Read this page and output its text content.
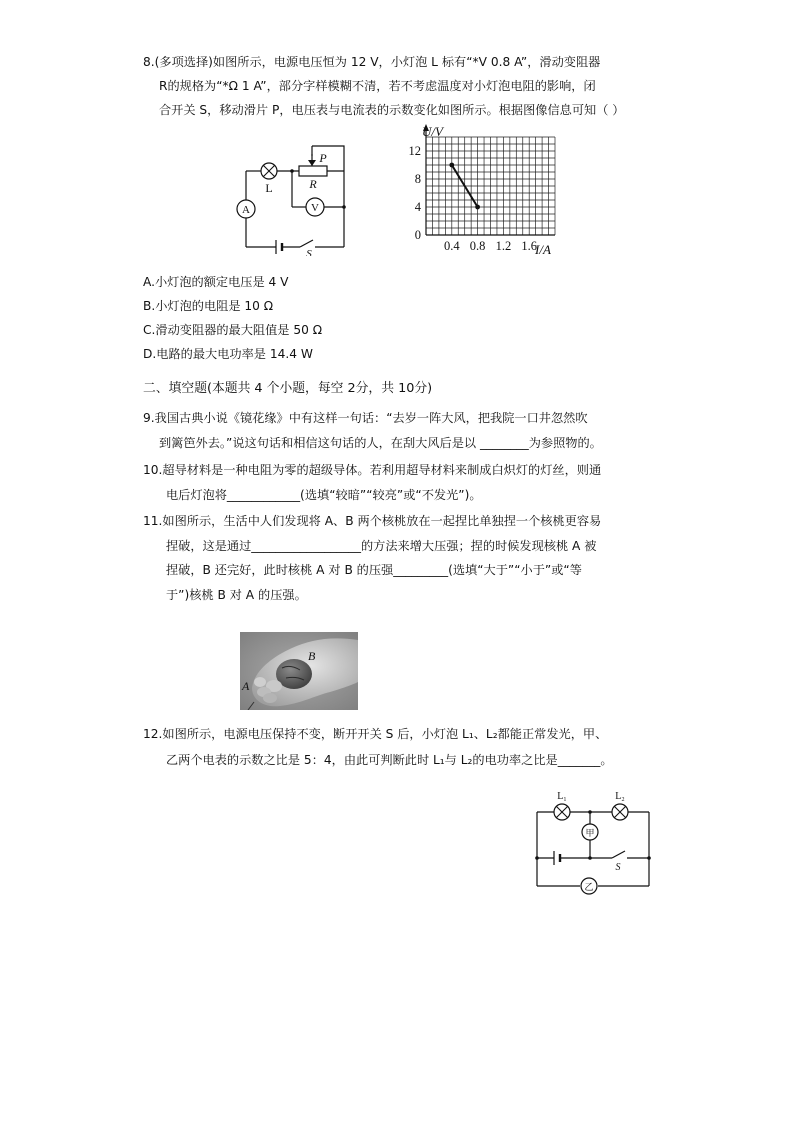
8.(多项选择)如图所示，电源电压恒为 12 V，小灯泡 L 标有“*V 0.8 A”，滑动变阻器
R的规格为“*Ω 1 A”，部分字样模糊不清，若不考虑温度对小灯泡电阻的影响，闭
合开关 S，移动滑片 P，电压表与电流表的示数变化如图所示。根据图像信息可知（ ）
L	R
P
A	V
S
0.4 0.8 1.2 1.6
0
4
8
12
U/V
I/A
A.小灯泡的额定电压是 4 V
B.小灯泡的电阻是 10 Ω
C.滑动变阻器的最大阻值是 50 Ω
D.电路的最大电功率是 14.4 W
二、填空题(本题共 4 个小题，每空 2分，共 10分)
9.我国古典小说《镜花缘》中有这样一句话：“去岁一阵大风，把我院一口井忽然吹
到篱笆外去。”说这句话和相信这句话的人，在刮大风后是以 ________为参照物的。
10.超导材料是一种电阻为零的超级导体。若利用超导材料来制成白炽灯的灯丝，则通
电后灯泡将____________(选填“较暗”“较亮”或“不发光”)。
11.如图所示，生活中人们发现将 A、B 两个核桃放在一起捏比单独捏一个核桃更容易
捏破，这是通过__________________的方法来增大压强；捏的时候发现核桃 A 被
捏破，B 还完好，此时核桃 A 对 B 的压强_________(选填“大于”“小于”或“等
于”)核桃 B 对 A 的压强。
B
A
12.如图所示，电源电压保持不变，断开开关 S 后，小灯泡 L₁、L₂都能正常发光，甲、
乙两个电表的示数之比是 5：4，由此可判断此时 L₁与 L₂的电功率之比是_______。
L₁	L₂
甲
乙
S
